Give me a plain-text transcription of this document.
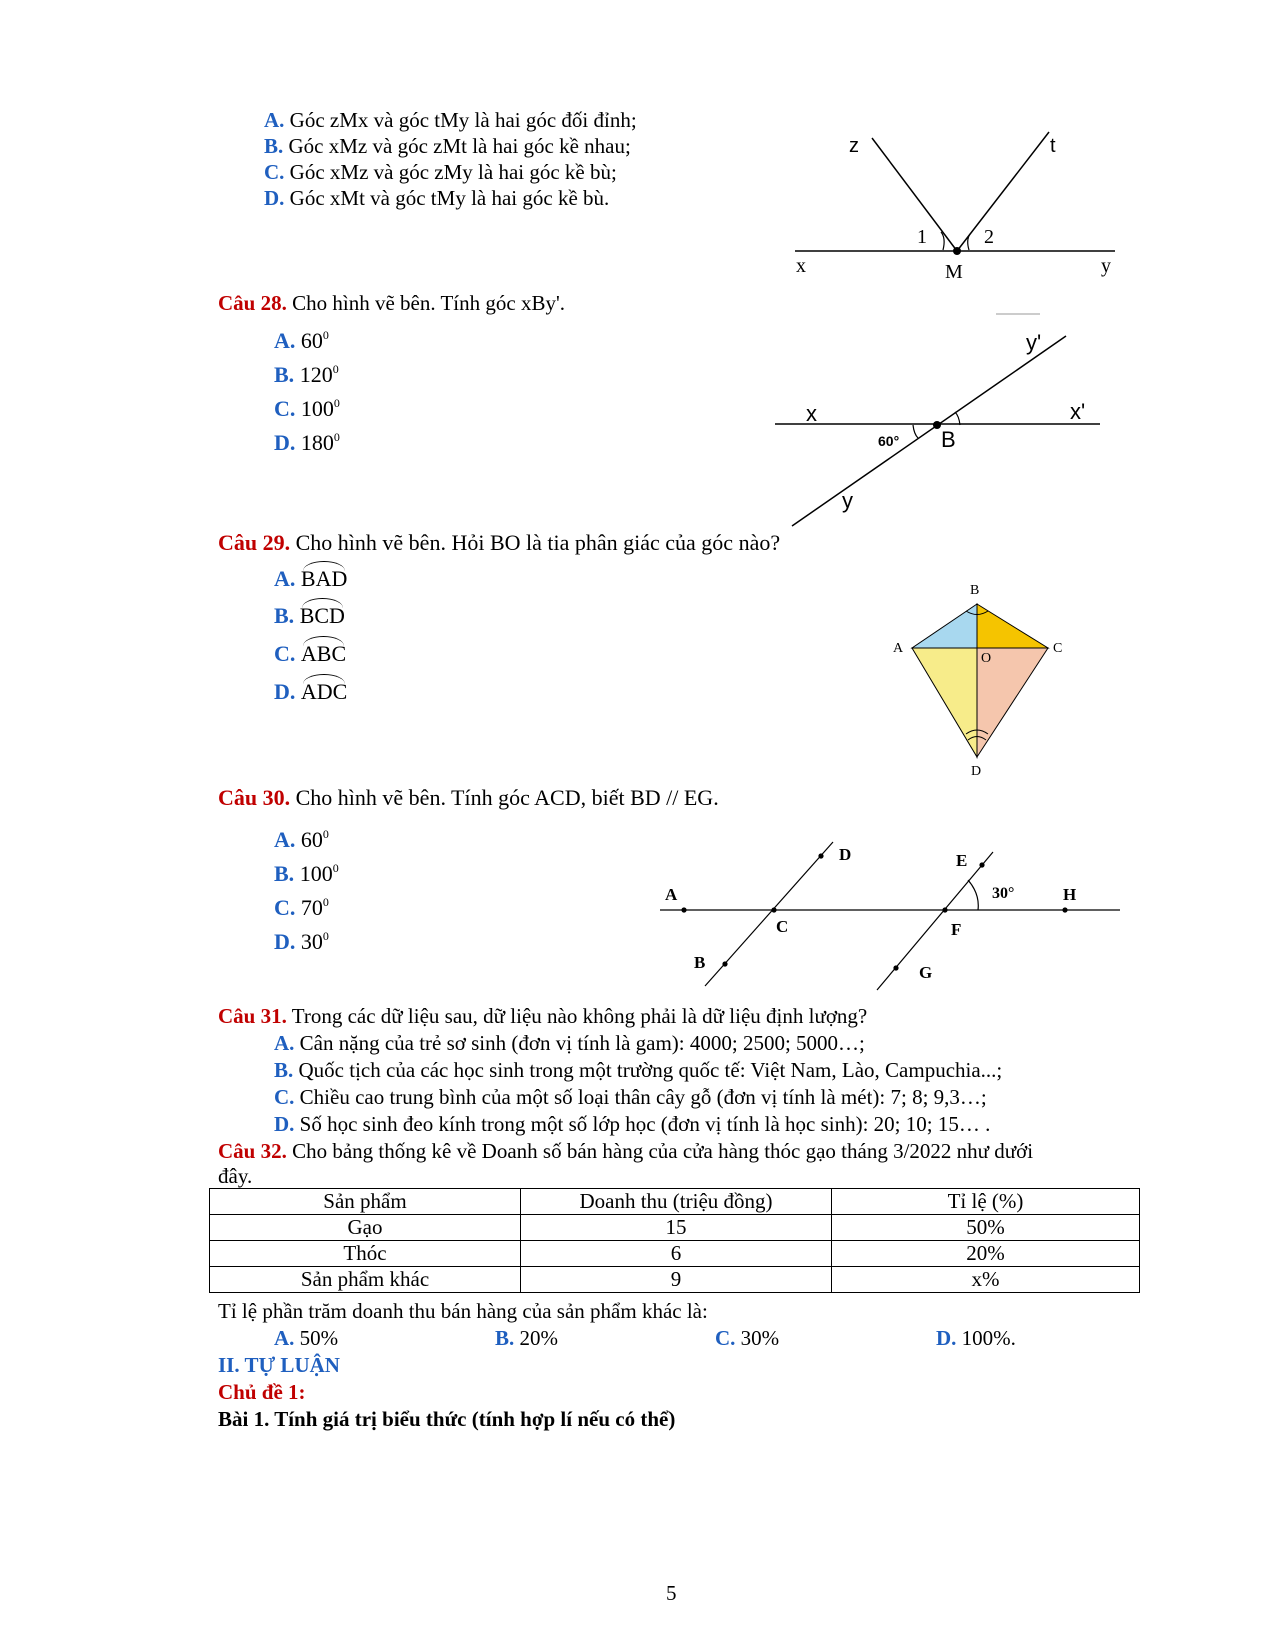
A. Góc zMx và góc tMy là hai góc đối đỉnh;
B. Góc xMz và góc zMt là hai góc kề nhau;
C. Góc xMz và góc zMy là hai góc kề bù;
D. Góc xMt và góc tMy là hai góc kề bù.
z	t
1	2
x	M	y
Câu 28. Cho hình vẽ bên. Tính góc xBy'.
A. $60^0$
B. $120^0$
C. $100^0$
D. $180^0$
y'
x	x'
60° B
y
Câu 29. Cho hình vẽ bên. Hỏi BO là tia phân giác của góc nào?
A. BAD
B. BCD
C. ABC
D. ADC
B
A	C
O
D
Câu 30. Cho hình vẽ bên. Tính góc ACD, biết BD // EG.
A. $60^0$
B. $100^0$
C. $70^0$
D. $30^0$
D	E
A	30°	H
C	F
B
G
Câu 31. Trong các dữ liệu sau, dữ liệu nào không phải là dữ liệu định lượng?
A. Cân nặng của trẻ sơ sinh (đơn vị tính là gam): 4000; 2500; 5000…;
B. Quốc tịch của các học sinh trong một trường quốc tế: Việt Nam, Lào, Campuchia...;
C. Chiều cao trung bình của một số loại thân cây gỗ (đơn vị tính là mét): 7; 8; 9,3…;
D. Số học sinh đeo kính trong một số lớp học (đơn vị tính là học sinh): 20; 10; 15… .
Câu 32. Cho bảng thống kê về Doanh số bán hàng của cửa hàng thóc gạo tháng 3/2022 như dưới
đây.
Sản phẩm	Doanh thu (triệu đồng)	Tỉ lệ (%)
Gạo	15	50%
Thóc	6	20%
Sản phẩm khác	9	x%
Tỉ lệ phần trăm doanh thu bán hàng của sản phẩm khác là:
A. 50%	B. 20%	C. 30%	D. 100%.
II. TỰ LUẬN
Chủ đề 1:
Bài 1. Tính giá trị biểu thức (tính hợp lí nếu có thể)
5
